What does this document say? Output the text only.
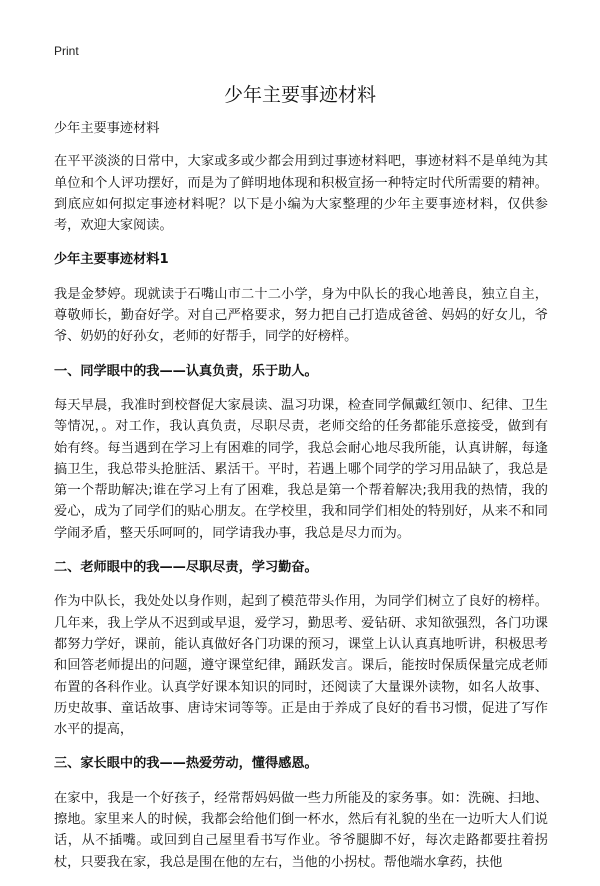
Print
少年主要事迹材料

少年主要事迹材料

在平平淡淡的日常中，大家或多或少都会用到过事迹材料吧，事迹材料不是单纯为其单位和个人评功摆好，而是为了鲜明地体现和积极宣扬一种特定时代所需要的精神。到底应如何拟定事迹材料呢？以下是小编为大家整理的少年主要事迹材料，仅供参考，欢迎大家阅读。

少年主要事迹材料1

我是金梦婷。现就读于石嘴山市二十二小学，身为中队长的我心地善良，独立自主，尊敬师长，勤奋好学。对自己严格要求，努力把自己打造成爸爸、妈妈的好女儿，爷爷、奶奶的好孙女，老师的好帮手，同学的好榜样。

一、同学眼中的我——认真负责，乐于助人。

每天早晨，我准时到校督促大家晨读、温习功课，检查同学佩戴红领巾、纪律、卫生等情况，。对工作，我认真负责，尽职尽责，老师交给的任务都能乐意接受，做到有始有终。每当遇到在学习上有困难的同学，我总会耐心地尽我所能，认真讲解，每逢搞卫生，我总带头抢脏活、累活干。平时，若遇上哪个同学的学习用品缺了，我总是第一个帮助解决;谁在学习上有了困难，我总是第一个帮着解决;我用我的热情，我的爱心，成为了同学们的贴心朋友。在学校里，我和同学们相处的特别好，从来不和同学闹矛盾，整天乐呵呵的，同学请我办事，我总是尽力而为。

二、老师眼中的我——尽职尽责，学习勤奋。

作为中队长，我处处以身作则，起到了模范带头作用，为同学们树立了良好的榜样。几年来，我上学从不迟到或早退，爱学习，勤思考、爱钻研、求知欲强烈，各门功课都努力学好，课前，能认真做好各门功课的预习，课堂上认认真真地听讲，积极思考和回答老师提出的问题，遵守课堂纪律，踊跃发言。课后，能按时保质保量完成老师布置的各科作业。认真学好课本知识的同时，还阅读了大量课外读物，如名人故事、历史故事、童话故事、唐诗宋词等等。正是由于养成了良好的看书习惯，促进了写作水平的提高，

三、家长眼中的我——热爱劳动，懂得感恩。

在家中，我是一个好孩子，经常帮妈妈做一些力所能及的家务事。如：洗碗、扫地、擦地。家里来人的时候，我都会给他们倒一杯水，然后有礼貌的坐在一边听大人们说话，从不插嘴。或回到自己屋里看书写作业。爷爷腿脚不好，每次走路都要拄着拐杖，只要我在家，我总是围在他的左右，当他的小拐杖。帮他端水拿药，扶他
